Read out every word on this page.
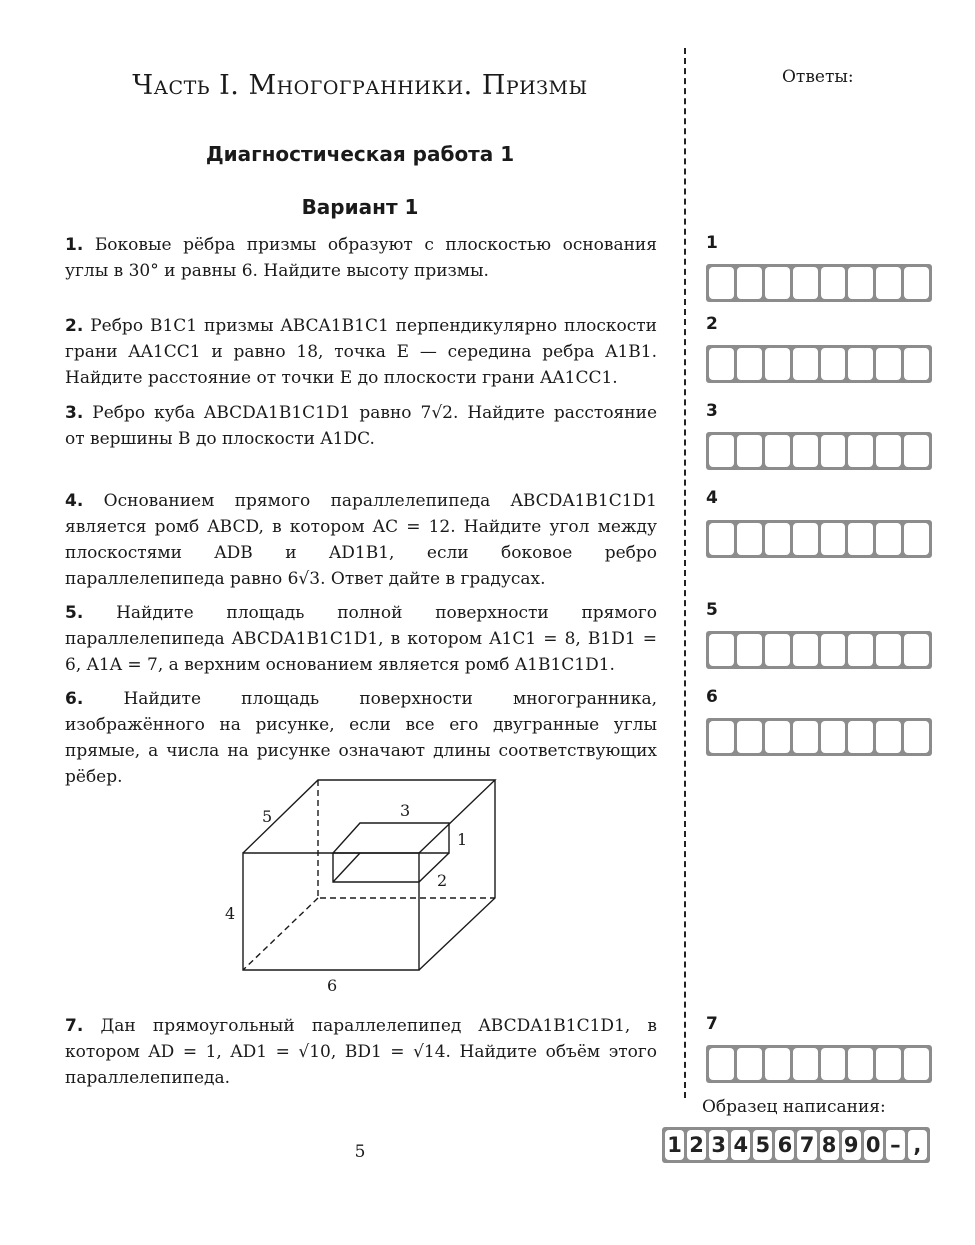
Часть I. Многогранники. Призмы
Диагностическая работа 1
Вариант 1
1. Боковые рёбра призмы образуют с плоскостью основания углы в 30° и равны 6. Найдите высоту призмы.
2. Ребро B1C1 призмы ABCA1B1C1 перпендикулярно плоскости грани AA1CC1 и равно 18, точка E — середина ребра A1B1. Найдите расстояние от точки E до плоскости грани AA1CC1.
3. Ребро куба ABCDA1B1C1D1 равно 7√2. Найдите расстояние от вершины B до плоскости A1DC.
4. Основанием прямого параллелепипеда ABCDA1B1C1D1 является ромб ABCD, в котором AC = 12. Найдите угол между плоскостями ADB и AD1B1, если боковое ребро параллелепипеда равно 6√3. Ответ дайте в градусах.
5. Найдите площадь полной поверхности прямого параллелепипеда ABCDA1B1C1D1, в котором A1C1 = 8, B1D1 = 6, A1A = 7, а верхним основанием является ромб A1B1C1D1.
6. Найдите площадь поверхности многогранника, изображённого на рисунке, если все его двугранные углы прямые, а числа на рисунке означают длины соответствующих рёбер.
3
1
2
5
4
6
7. Дан прямоугольный параллелепипед ABCDA1B1C1D1, в котором AD = 1, AD1 = √10, BD1 = √14. Найдите объём этого параллелепипеда.
5
Ответы:
1
2
3
4
5
6
7
Образец написания:
1 2 3 4 5 6 7 8 9 0 – ,
